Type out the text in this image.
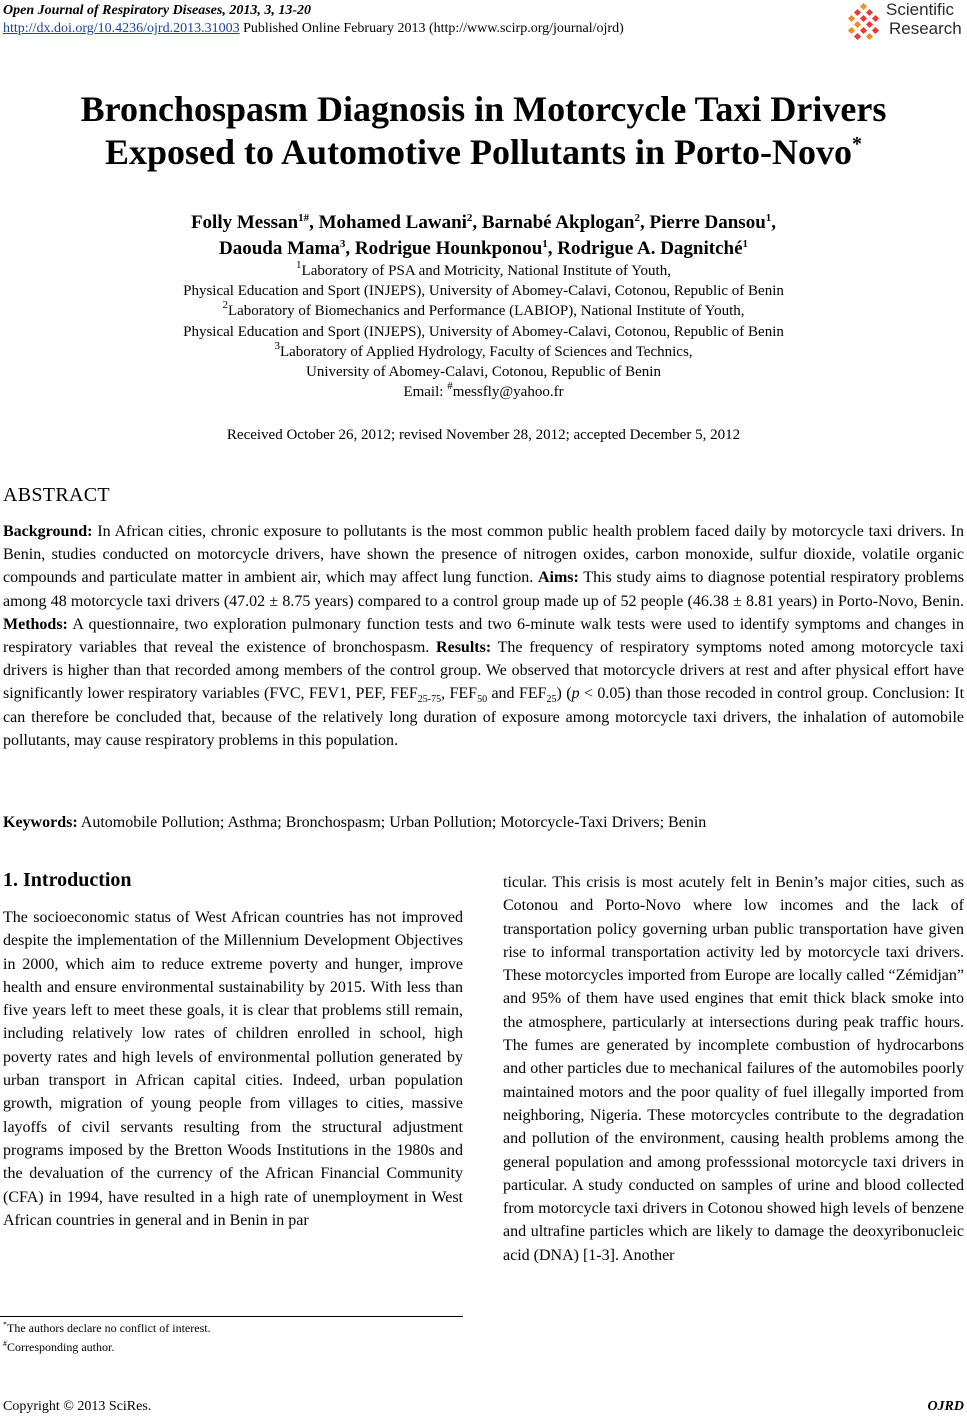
Open Journal of Respiratory Diseases, 2013, 3, 13-20
http://dx.doi.org/10.4236/ojrd.2013.31003 Published Online February 2013 (http://www.scirp.org/journal/ojrd)
Scientific
Research
Bronchospasm Diagnosis in Motorcycle Taxi Drivers
Exposed to Automotive Pollutants in Porto-Novo*
Folly Messan$^{1\#}$, Mohamed Lawani$^2$, Barnabé Akplogan$^2$, Pierre Dansou$^1$,
Daouda Mama$^3$, Rodrigue Hounkponou$^1$, Rodrigue A. Dagnitché$^1$
$^1$Laboratory of PSA and Motricity, National Institute of Youth,
Physical Education and Sport (INJEPS), University of Abomey-Calavi, Cotonou, Republic of Benin
$^2$Laboratory of Biomechanics and Performance (LABIOP), National Institute of Youth,
Physical Education and Sport (INJEPS), University of Abomey-Calavi, Cotonou, Republic of Benin
$^3$Laboratory of Applied Hydrology, Faculty of Sciences and Technics,
University of Abomey-Calavi, Cotonou, Republic of Benin
Email: #messfly@yahoo.fr
Received October 26, 2012; revised November 28, 2012; accepted December 5, 2012
ABSTRACT
Background: In African cities, chronic exposure to pollutants is the most common public health problem faced daily by motorcycle taxi drivers. In Benin, studies conducted on motorcycle drivers, have shown the presence of nitrogen oxides, carbon monoxide, sulfur dioxide, volatile organic compounds and particulate matter in ambient air, which may affect lung function. Aims: This study aims to diagnose potential respiratory problems among 48 motorcycle taxi drivers (47.02 ± 8.75 years) compared to a control group made up of 52 people (46.38 ± 8.81 years) in Porto-Novo, Benin. Methods: A questionnaire, two exploration pulmonary function tests and two 6-minute walk tests were used to identify symptoms and changes in respiratory variables that reveal the existence of bronchospasm. Results: The frequency of respiratory symptoms noted among motorcycle taxi drivers is higher than that recorded among members of the control group. We observed that motorcycle drivers at rest and after physical effort have significantly lower respiratory variables (FVC, FEV1, PEF, $FEF_{25-75}$, $FEF_{50}$ and $FEF_{25}$) (p < 0.05) than those recoded in control group. Conclusion: It can therefore be concluded that, because of the relatively long duration of exposure among motorcycle taxi drivers, the inhalation of automobile pollutants, may cause respiratory problems in this population.
Keywords: Automobile Pollution; Asthma; Bronchospasm; Urban Pollution; Motorcycle-Taxi Drivers; Benin
1. Introduction
The socioeconomic status of West African countries has not improved despite the implementation of the Millennium Development Objectives in 2000, which aim to reduce extreme poverty and hunger, improve health and ensure environmental sustainability by 2015. With less than five years left to meet these goals, it is clear that problems still remain, including relatively low rates of children enrolled in school, high poverty rates and high levels of environmental pollution generated by urban transport in African capital cities. Indeed, urban population growth, migration of young people from villages to cities, massive layoffs of civil servants resulting from the structural adjustment programs imposed by the Bretton Woods Institutions in the 1980s and the devaluation of the currency of the African Financial Community (CFA) in 1994, have resulted in a high rate of unemployment in West African countries in general and in Benin in par
ticular. This crisis is most acutely felt in Benin’s major cities, such as Cotonou and Porto-Novo where low incomes and the lack of transportation policy governing urban public transportation have given rise to informal transportation activity led by motorcycle taxi drivers. These motorcycles imported from Europe are locally called “Zémidjan” and 95% of them have used engines that emit thick black smoke into the atmosphere, particularly at intersections during peak traffic hours. The fumes are generated by incomplete combustion of hydrocarbons and other particles due to mechanical failures of the automobiles poorly maintained motors and the poor quality of fuel illegally imported from neighboring, Nigeria. These motorcycles contribute to the degradation and pollution of the environment, causing health problems among the general population and among professsional motorcycle taxi drivers in particular. A study conducted on samples of urine and blood collected from motorcycle taxi drivers in Cotonou showed high levels of benzene and ultrafine particles which are likely to damage the deoxyribonucleic acid (DNA) [1-3]. Another
*The authors declare no conflict of interest.
#Corresponding author.
Copyright © 2013 SciRes.	OJRD
